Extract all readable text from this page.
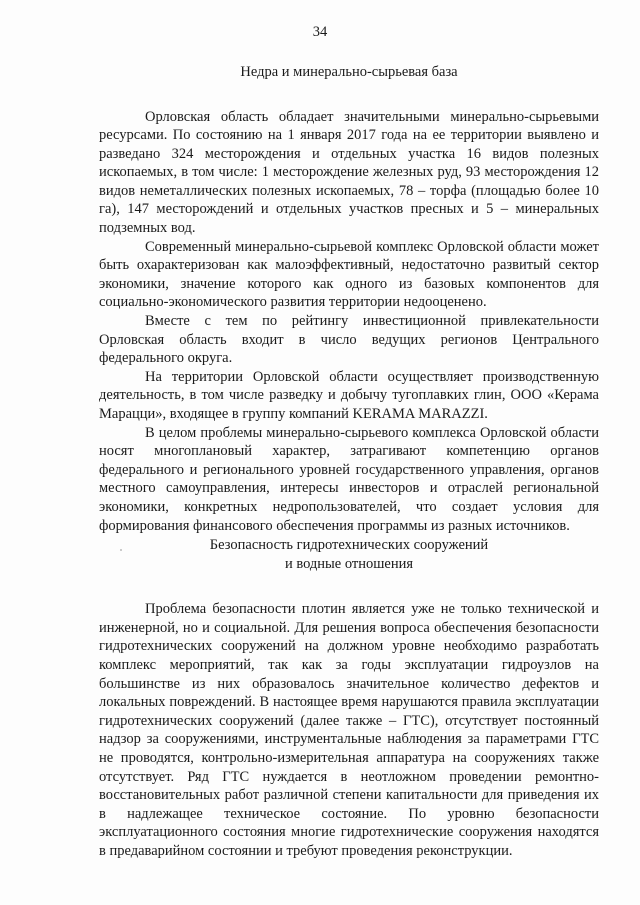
34

Недра и минерально-сырьевая база

Орловская область обладает значительными минерально-сырьевыми ресурсами. По состоянию на 1 января 2017 года на ее территории выявлено и разведано 324 месторождения и отдельных участка 16 видов полезных ископаемых, в том числе: 1 месторождение железных руд, 93 месторождения 12 видов неметаллических полезных ископаемых, 78 – торфа (площадью более 10 га), 147 месторождений и отдельных участков пресных и 5 – минеральных подземных вод.

Современный минерально-сырьевой комплекс Орловской области может быть охарактеризован как малоэффективный, недостаточно развитый сектор экономики, значение которого как одного из базовых компонентов для социально-экономического развития территории недооценено.

Вместе с тем по рейтингу инвестиционной привлекательности Орловская область входит в число ведущих регионов Центрального федерального округа.

На территории Орловской области осуществляет производственную деятельность, в том числе разведку и добычу тугоплавких глин, ООО «Керама Марацци», входящее в группу компаний KERAMA MARAZZI.

В целом проблемы минерально-сырьевого комплекса Орловской области носят многоплановый характер, затрагивают компетенцию органов федерального и регионального уровней государственного управления, органов местного самоуправления, интересы инвесторов и отраслей региональной экономики, конкретных недропользователей, что создает условия для формирования финансового обеспечения программы из разных источников.

Безопасность гидротехнических сооружений

и водные отношения

Проблема безопасности плотин является уже не только технической и инженерной, но и социальной. Для решения вопроса обеспечения безопасности гидротехнических сооружений на должном уровне необходимо разработать комплекс мероприятий, так как за годы эксплуатации гидроузлов на большинстве из них образовалось значительное количество дефектов и локальных повреждений. В настоящее время нарушаются правила эксплуатации гидротехнических сооружений (далее также – ГТС), отсутствует постоянный надзор за сооружениями, инструментальные наблюдения за параметрами ГТС не проводятся, контрольно-измерительная аппаратура на сооружениях также отсутствует. Ряд ГТС нуждается в неотложном проведении ремонтно-восстановительных работ различной степени капитальности для приведения их в надлежащее техническое состояние. По уровню безопасности эксплуатационного состояния многие гидротехнические сооружения находятся в предаварийном состоянии и требуют проведения реконструкции.
